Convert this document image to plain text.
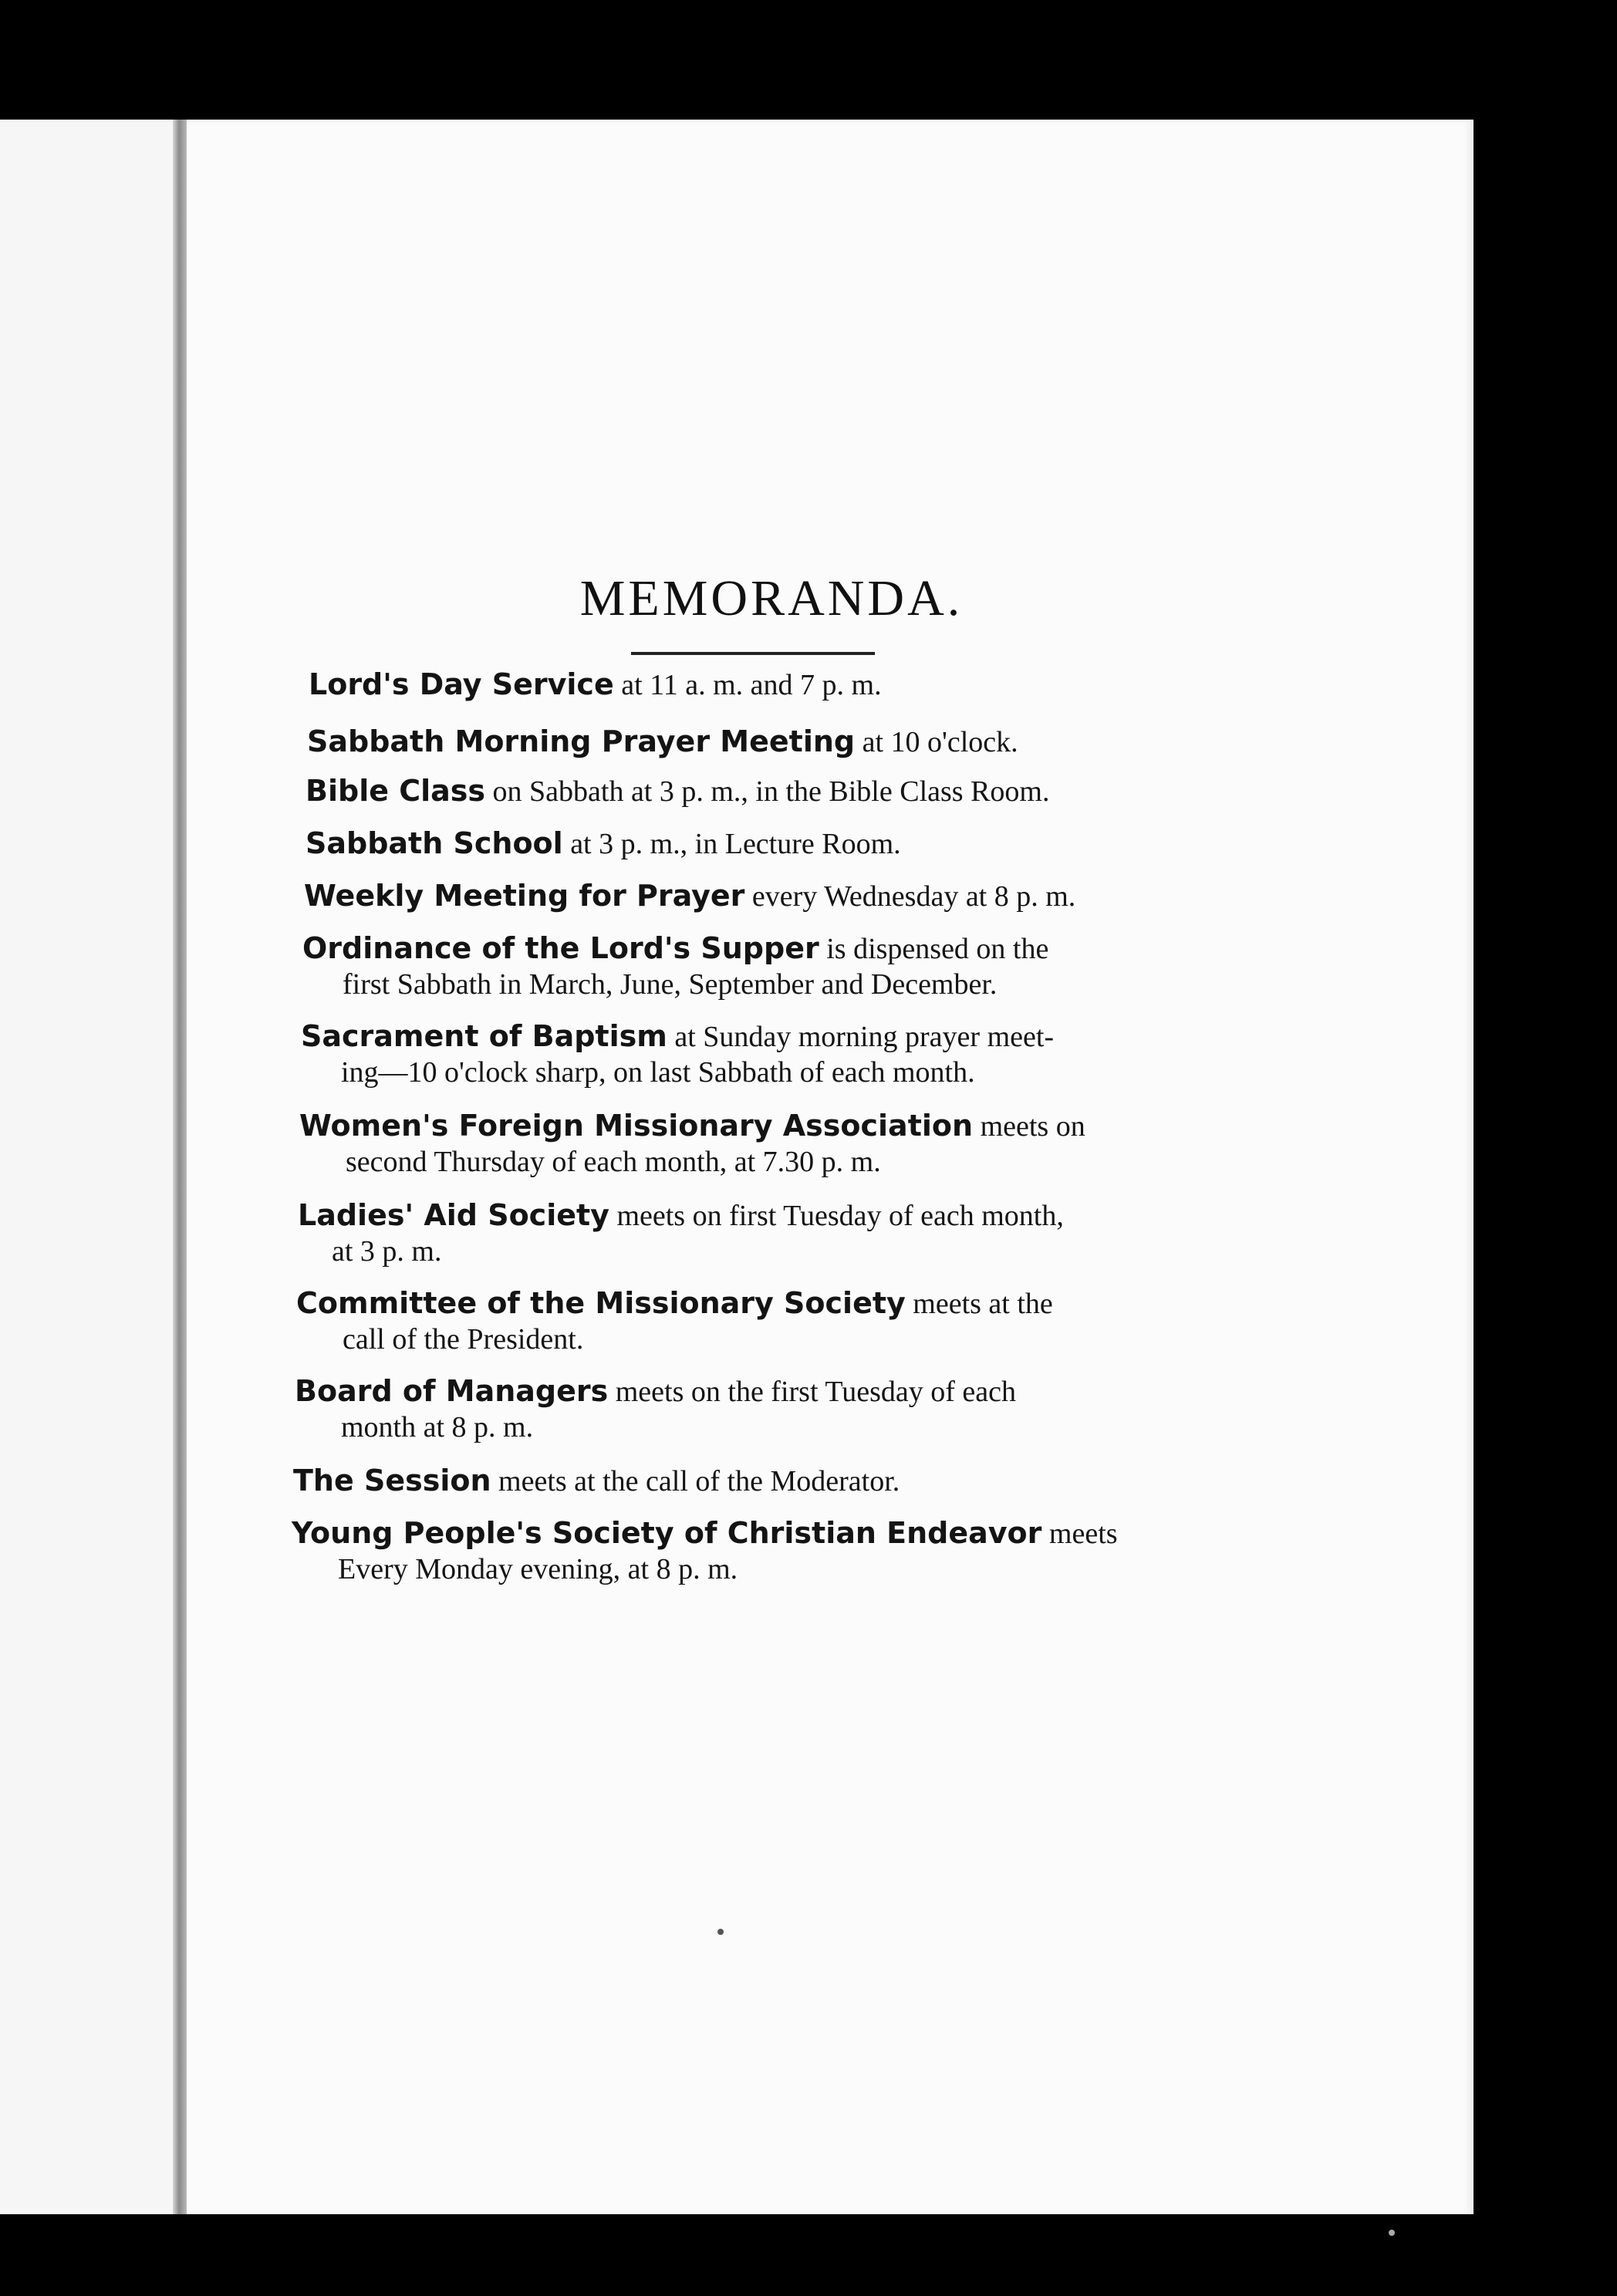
MEMORANDA.
Lord's Day Service at 11 a. m. and 7 p. m.
Sabbath Morning Prayer Meeting at 10 o'clock.
Bible Class on Sabbath at 3 p. m., in the Bible Class Room.
Sabbath School at 3 p. m., in Lecture Room.
Weekly Meeting for Prayer every Wednesday at 8 p. m.
Ordinance of the Lord's Supper is dispensed on the
first Sabbath in March, June, September and December.
Sacrament of Baptism at Sunday morning prayer meet-
ing—10 o'clock sharp, on last Sabbath of each month.
Women's Foreign Missionary Association meets on
second Thursday of each month, at 7.30 p. m.
Ladies' Aid Society meets on first Tuesday of each month,
at 3 p. m.
Committee of the Missionary Society meets at the
call of the President.
Board of Managers meets on the first Tuesday of each
month at 8 p. m.
The Session meets at the call of the Moderator.
Young People's Society of Christian Endeavor meets
Every Monday evening, at 8 p. m.
